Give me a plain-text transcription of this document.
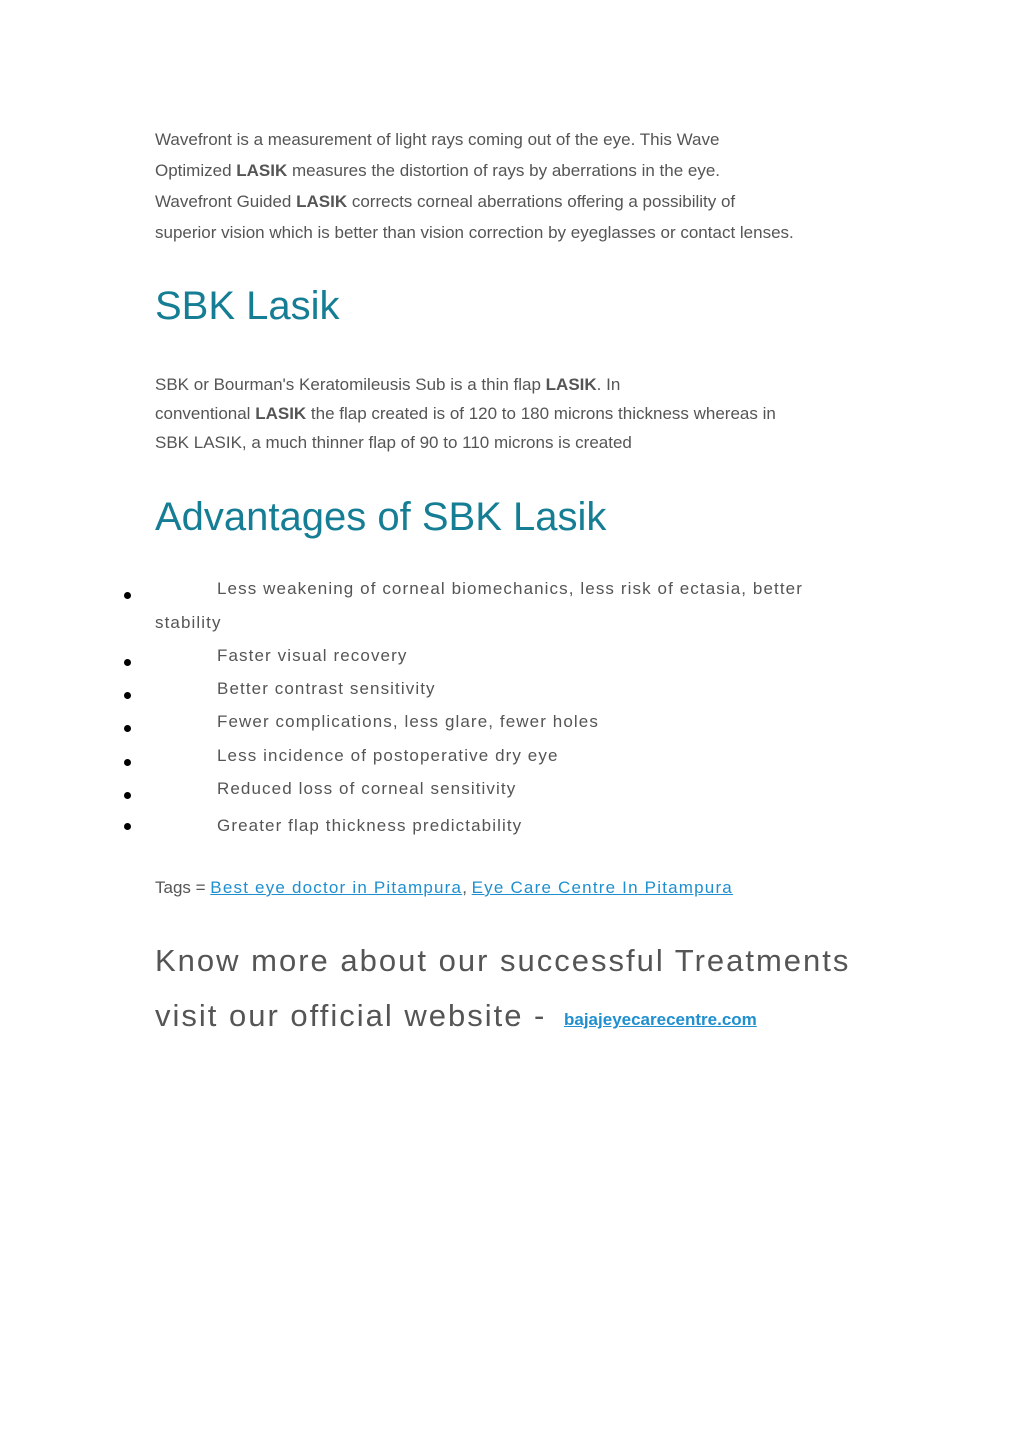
Wavefront is a measurement of light rays coming out of the eye. This Wave
Optimized LASIK measures the distortion of rays by aberrations in the eye.
Wavefront Guided LASIK corrects corneal aberrations offering a possibility of
superior vision which is better than vision correction by eyeglasses or contact lenses.

SBK Lasik

SBK or Bourman's Keratomileusis Sub is a thin flap LASIK. In
conventional LASIK the flap created is of 120 to 180 microns thickness whereas in
SBK LASIK, a much thinner flap of 90 to 110 microns is created

Advantages of SBK Lasik
Less weakening of corneal biomechanics, less risk of ectasia, better
stability
Faster visual recovery
Better contrast sensitivity
Fewer complications, less glare, fewer holes
Less incidence of postoperative dry eye
Reduced loss of corneal sensitivity
Greater flap thickness predictability
Tags = Best eye doctor in Pitampura, Eye Care Centre In Pitampura
Know more about our successful Treatments
visit our official website - bajajeyecarecentre.com
